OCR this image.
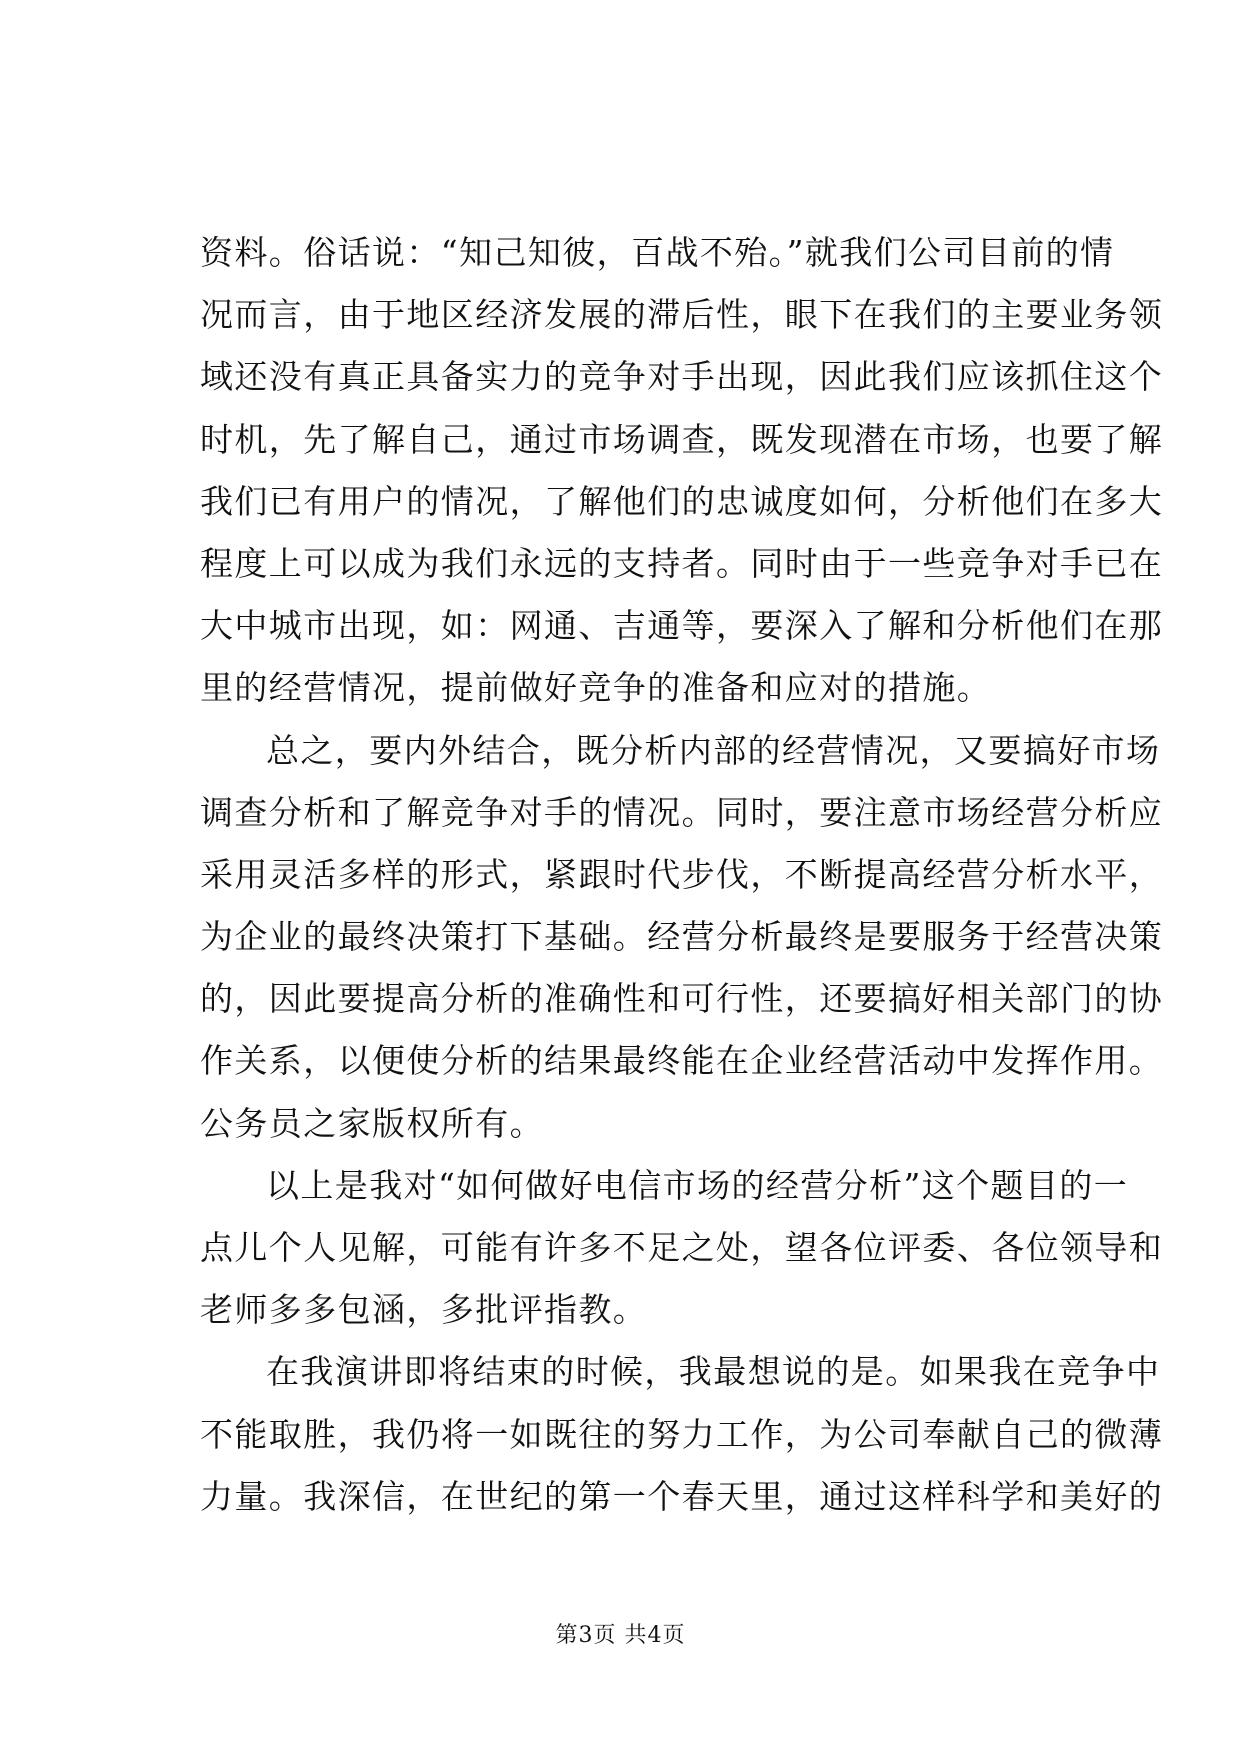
资料。俗话说：“知己知彼，百战不殆。”就我们公司目前的情
况而言，由于地区经济发展的滞后性，眼下在我们的主要业务领
域还没有真正具备实力的竞争对手出现，因此我们应该抓住这个
时机，先了解自己，通过市场调查，既发现潜在市场，也要了解
我们已有用户的情况，了解他们的忠诚度如何，分析他们在多大
程度上可以成为我们永远的支持者。同时由于一些竞争对手已在
大中城市出现，如：网通、吉通等，要深入了解和分析他们在那
里的经营情况，提前做好竞争的准备和应对的措施。
总之，要内外结合，既分析内部的经营情况，又要搞好市场
调查分析和了解竞争对手的情况。同时，要注意市场经营分析应
采用灵活多样的形式，紧跟时代步伐，不断提高经营分析水平，
为企业的最终决策打下基础。经营分析最终是要服务于经营决策
的，因此要提高分析的准确性和可行性，还要搞好相关部门的协
作关系，以便使分析的结果最终能在企业经营活动中发挥作用。
公务员之家版权所有。
以上是我对“如何做好电信市场的经营分析”这个题目的一
点儿个人见解，可能有许多不足之处，望各位评委、各位领导和
老师多多包涵，多批评指教。
在我演讲即将结束的时候，我最想说的是。如果我在竞争中
不能取胜，我仍将一如既往的努力工作，为公司奉献自己的微薄
力量。我深信，在世纪的第一个春天里，通过这样科学和美好的
第3页 共4页
